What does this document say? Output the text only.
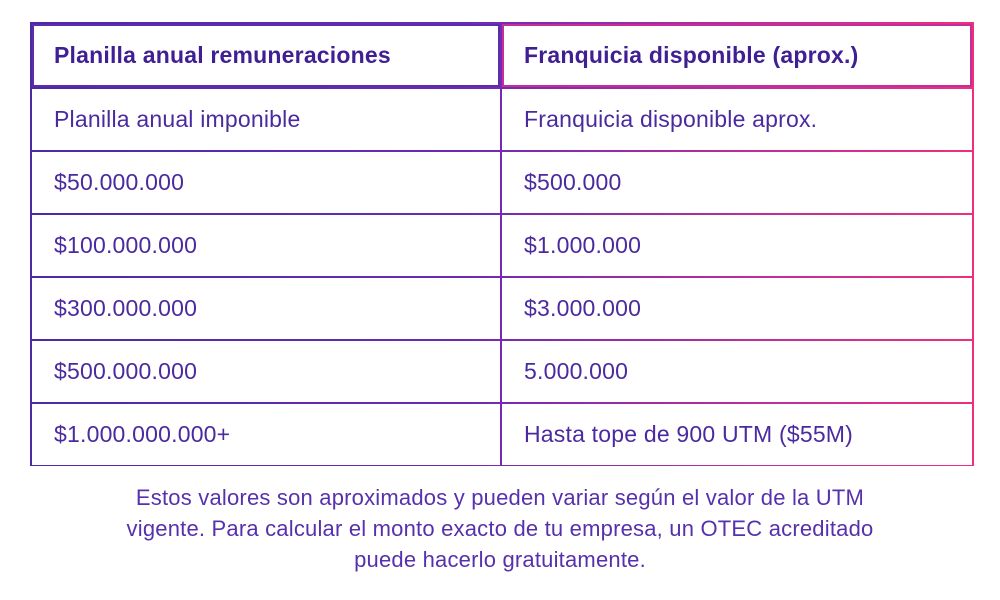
Planilla anual remuneraciones	Franquicia disponible (aprox.)
Planilla anual imponible	Franquicia disponible aprox.
$50.000.000	$500.000
$100.000.000	$1.000.000
$300.000.000	$3.000.000
$500.000.000	5.000.000
$1.000.000.000+	Hasta tope de 900 UTM ($55M)
Estos valores son aproximados y pueden variar según el valor de la UTM
vigente. Para calcular el monto exacto de tu empresa, un OTEC acreditado
puede hacerlo gratuitamente.
